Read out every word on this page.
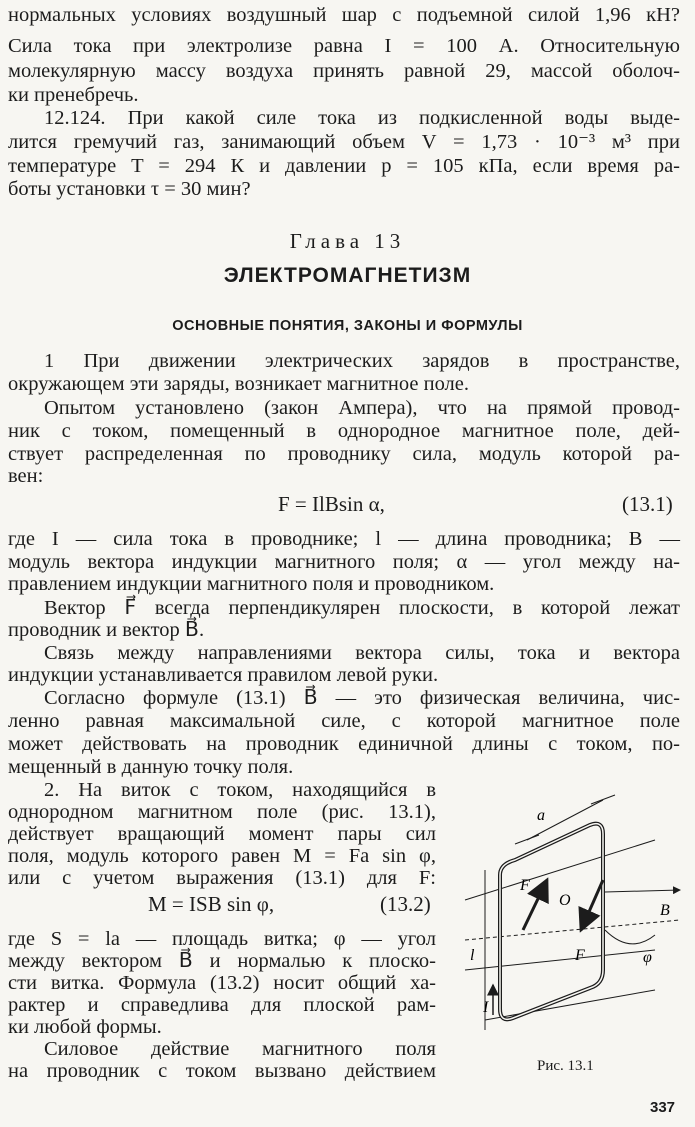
нормальных условиях воздушный шар с подъемной силой 1,96 кН?
Сила тока при электролизе равна I = 100 А. Относительную
молекулярную массу воздуха принять равной 29, массой оболоч-
ки пренебречь.
12.124. При какой силе тока из подкисленной воды выде-
лится гремучий газ, занимающий объем V = 1,73 · 10⁻³ м³ при
температуре T = 294 К и давлении p = 105 кПа, если время ра-
боты установки τ = 30 мин?
Глава 13
ЭЛЕКТРОМАГНЕТИЗМ
ОСНОВНЫЕ ПОНЯТИЯ, ЗАКОНЫ И ФОРМУЛЫ
1 При движении электрических зарядов в пространстве,
окружающем эти заряды, возникает магнитное поле.
Опытом установлено (закон Ампера), что на прямой провод-
ник с током, помещенный в однородное магнитное поле, дей-
ствует распределенная по проводнику сила, модуль которой ра-
вен:
F = IlBsin α,	(13.1)
где I — сила тока в проводнике; l — длина проводника; B —
модуль вектора индукции магнитного поля; α — угол между на-
правлением индукции магнитного поля и проводником.
Вектор F⃗ всегда перпендикулярен плоскости, в которой лежат
проводник и вектор B⃗.
Связь между направлениями вектора силы, тока и вектора
индукции устанавливается правилом левой руки.
Согласно формуле (13.1) B⃗ — это физическая величина, чис-
ленно равная максимальной силе, с которой магнитное поле
может действовать на проводник единичной длины с током, по-
мещенный в данную точку поля.
2. На виток с током, находящийся в
однородном магнитном поле (рис. 13.1),
действует вращающий момент пары сил
поля, модуль которого равен M = Fa sin φ,
или с учетом выражения (13.1) для F:
M = ISB sin φ,	(13.2)
где S = la — площадь витка; φ — угол
между вектором B⃗ и нормалью к плоско-
сти витка. Формула (13.2) носит общий ха-
рактер и справедлива для плоской рам-
ки любой формы.
Силовое действие магнитного поля
на проводник с током вызвано действием
a
l
F⃗
F⃗
O
B⃗
φ
I
Рис. 13.1
337
